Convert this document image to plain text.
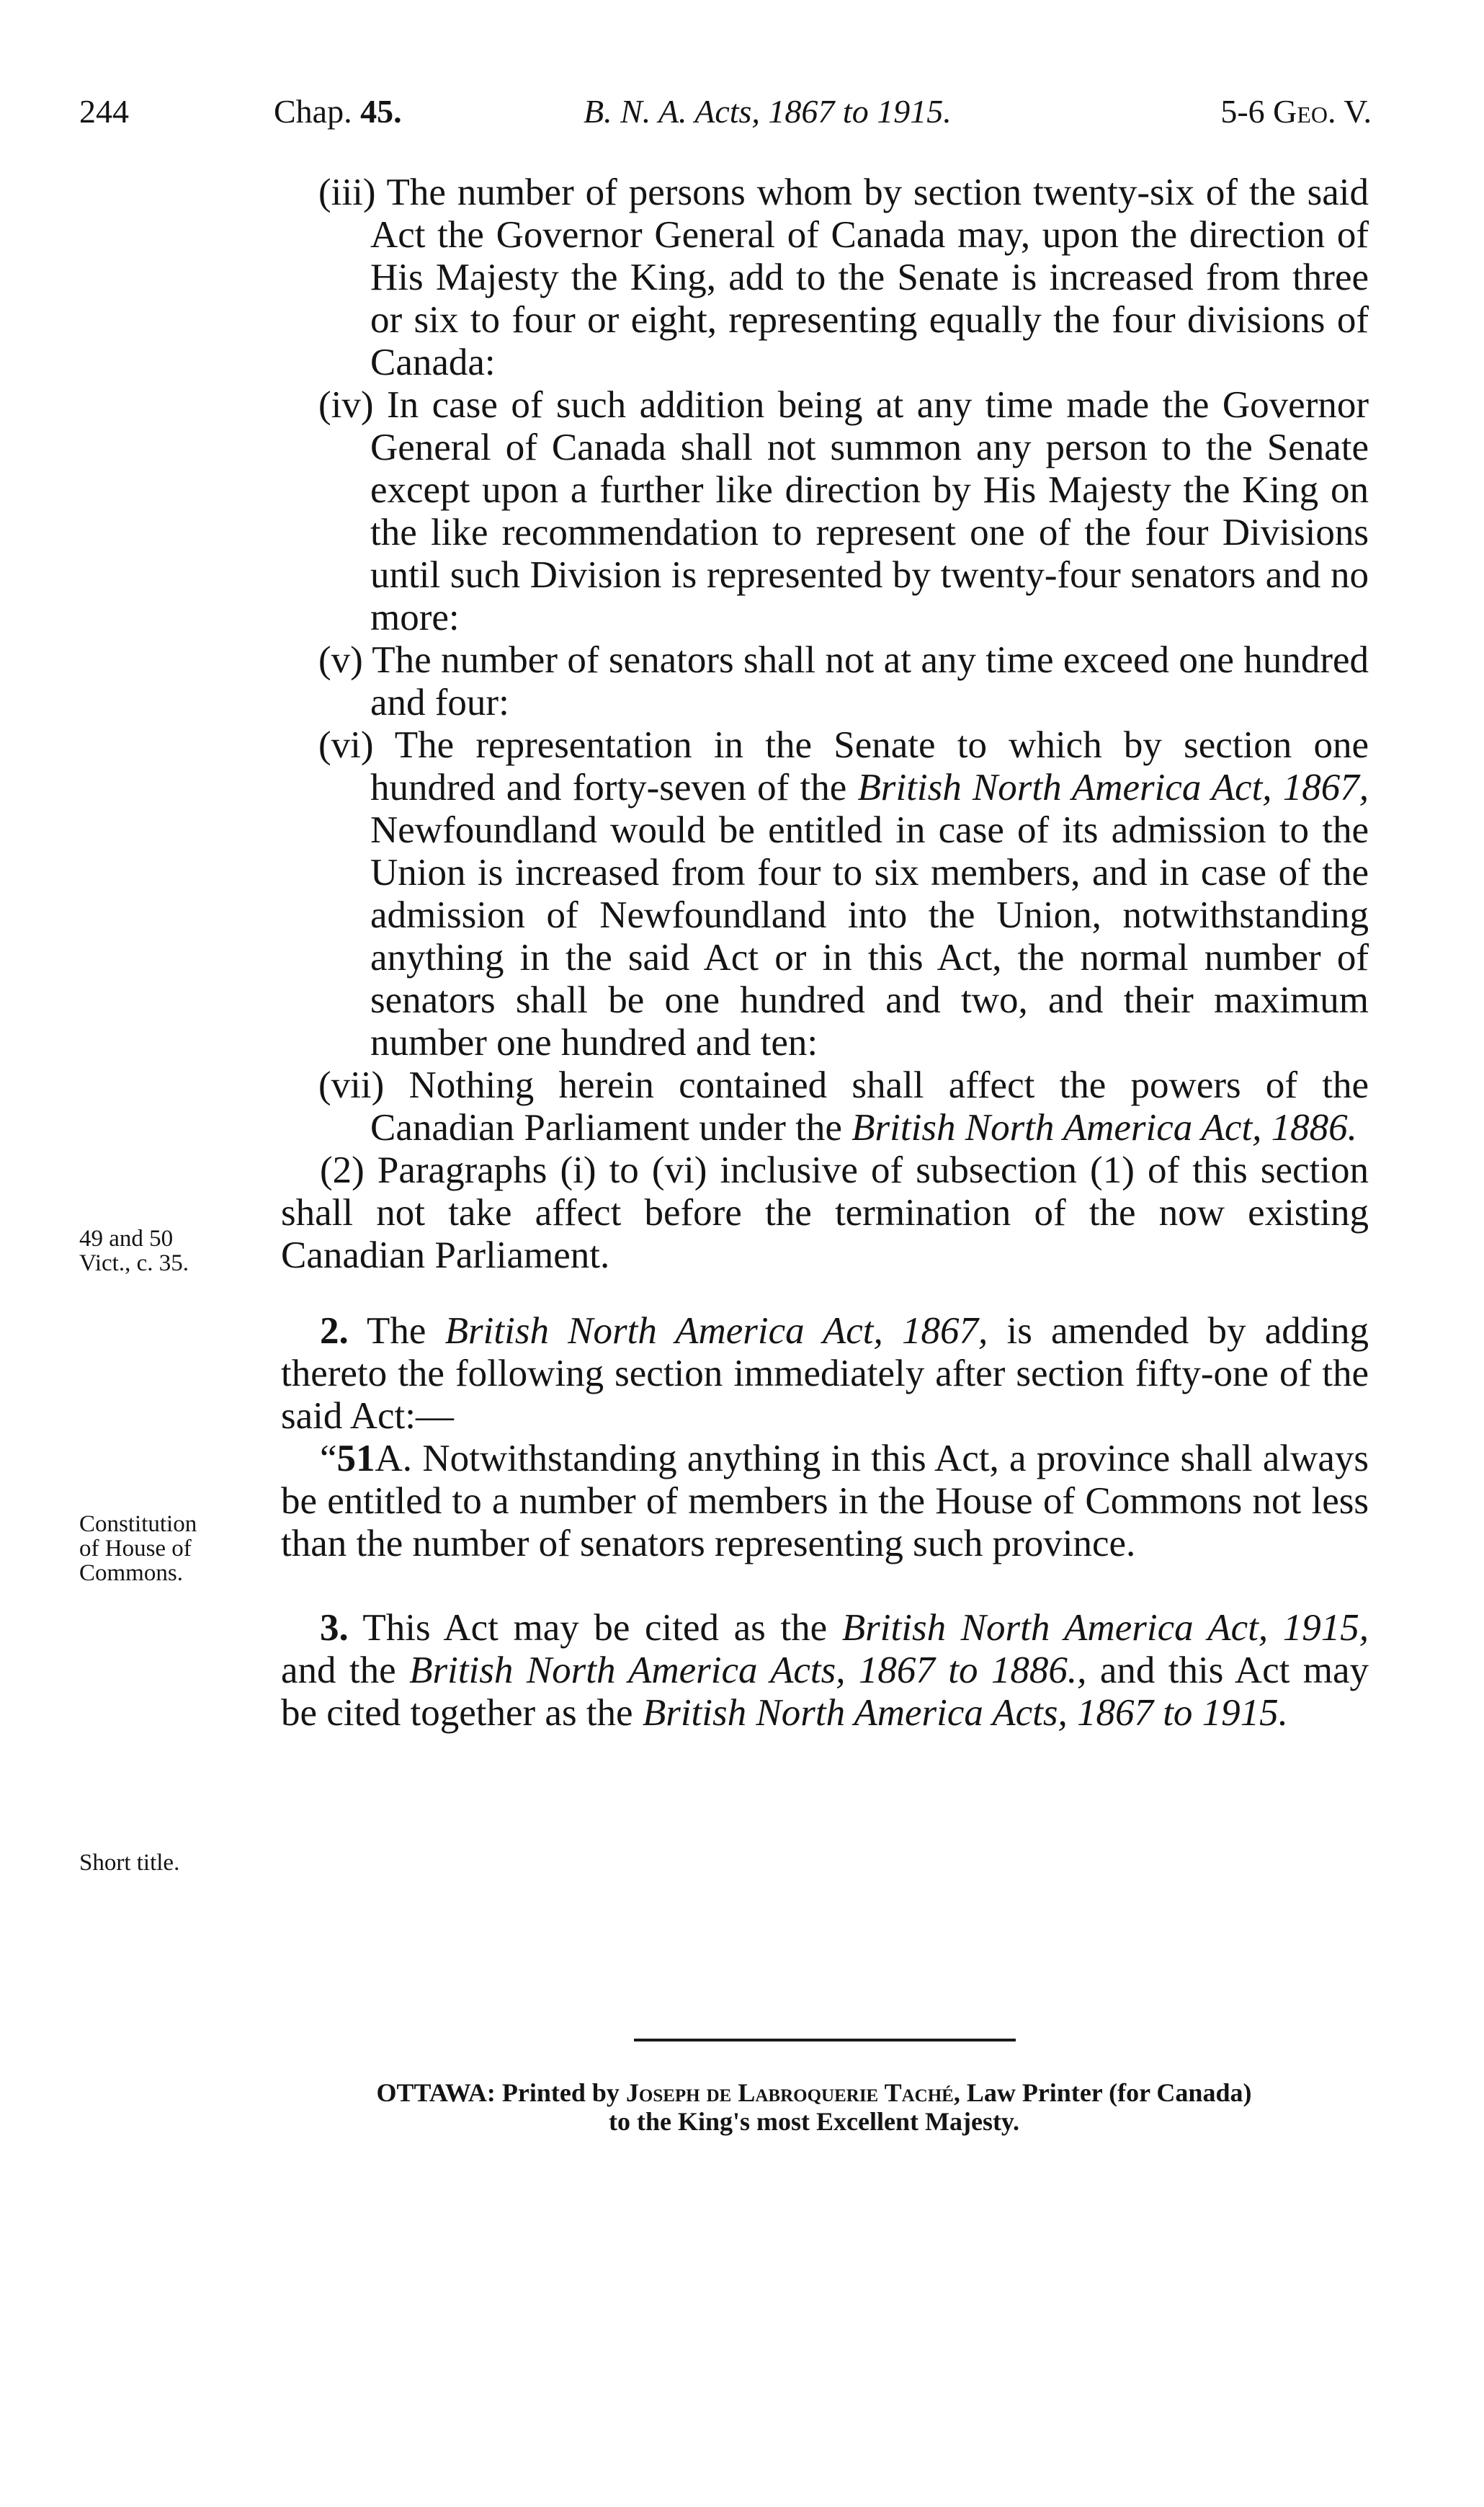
244	Chap. 45.	B. N. A. Acts, 1867 to 1915.	5-6 Geo. V.
49 and 50
Vict., c. 35.
Constitution
of House of
Commons.
Short title.

(iii) The number of persons whom by section twenty-six of the said Act the Governor General of Canada may, upon the direction of His Majesty the King, add to the Senate is increased from three or six to four or eight, representing equally the four divisions of Canada:

(iv) In case of such addition being at any time made the Governor General of Canada shall not summon any person to the Senate except upon a further like direction by His Majesty the King on the like recommendation to represent one of the four Divisions until such Division is represented by twenty-four senators and no more:

(v) The number of senators shall not at any time exceed one hundred and four:

(vi) The representation in the Senate to which by section one hundred and forty-seven of the British North America Act, 1867, Newfoundland would be entitled in case of its admission to the Union is increased from four to six members, and in case of the admission of Newfoundland into the Union, notwithstanding anything in the said Act or in this Act, the normal number of senators shall be one hundred and two, and their maximum number one hundred and ten:

(vii) Nothing herein contained shall affect the powers of the Canadian Parliament under the British North America Act, 1886.

(2) Paragraphs (i) to (vi) inclusive of subsection (1) of this section shall not take affect before the termination of the now existing Canadian Parliament.

2. The British North America Act, 1867, is amended by adding thereto the following section immediately after section fifty-one of the said Act:—

“51A. Notwithstanding anything in this Act, a province shall always be entitled to a number of members in the House of Commons not less than the number of senators representing such province.

3. This Act may be cited as the British North America Act, 1915, and the British North America Acts, 1867 to 1886., and this Act may be cited together as the British North America Acts, 1867 to 1915.

OTTAWA: Printed by Joseph de Labroquerie Taché, Law Printer (for Canada)
to the King's most Excellent Majesty.
